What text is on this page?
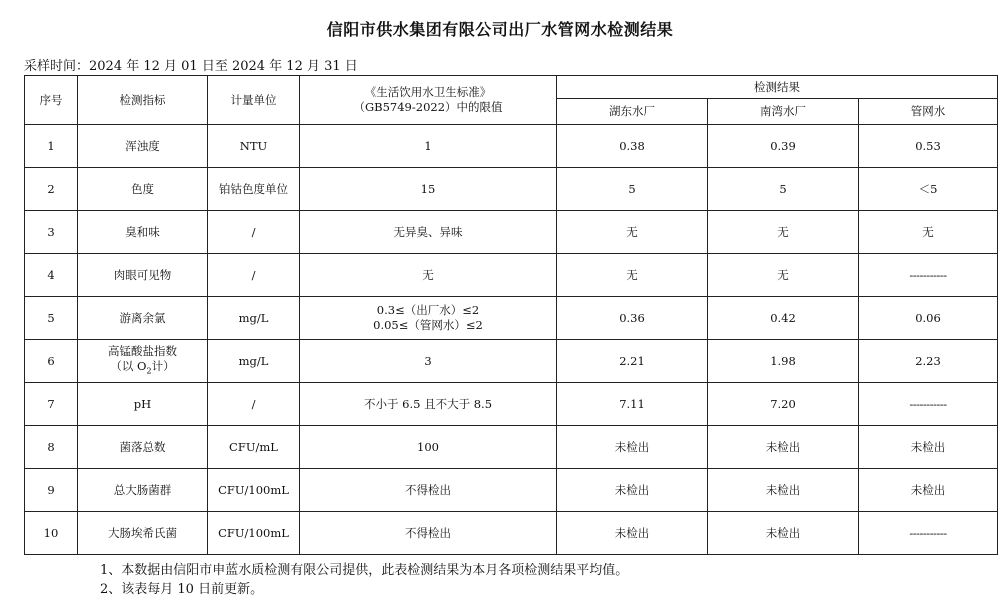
信阳市供水集团有限公司出厂水管网水检测结果
采样时间：2024 年 12 月 01 日至 2024 年 12 月 31 日
序号	检测指标	计量单位	《生活饮用水卫生标准》
（GB5749-2022）中的限值	检测结果		
				湖东水厂	南湾水厂	管网水
1	浑浊度	NTU	1	0.38	0.39	0.53
2	色度	铂钴色度单位	15	5	5	＜5
3	臭和味	/	无异臭、异味	无	无	无
4	肉眼可见物	/	无	无	无	-----------
5	游离余氯	mg/L	0.3≤（出厂水）≤2
0.05≤（管网水）≤2	0.36	0.42	0.06
6	高锰酸盐指数
（以 $O_2$计）	mg/L	3	2.21	1.98	2.23
7	pH	/	不小于 6.5 且不大于 8.5	7.11	7.20	-----------
8	菌落总数	CFU/mL	100	未检出	未检出	未检出
9	总大肠菌群	CFU/100mL	不得检出	未检出	未检出	未检出
10	大肠埃希氏菌	CFU/100mL	不得检出	未检出	未检出	-----------
1、本数据由信阳市申蓝水质检测有限公司提供，此表检测结果为本月各项检测结果平均值。
2、该表每月 10 日前更新。
